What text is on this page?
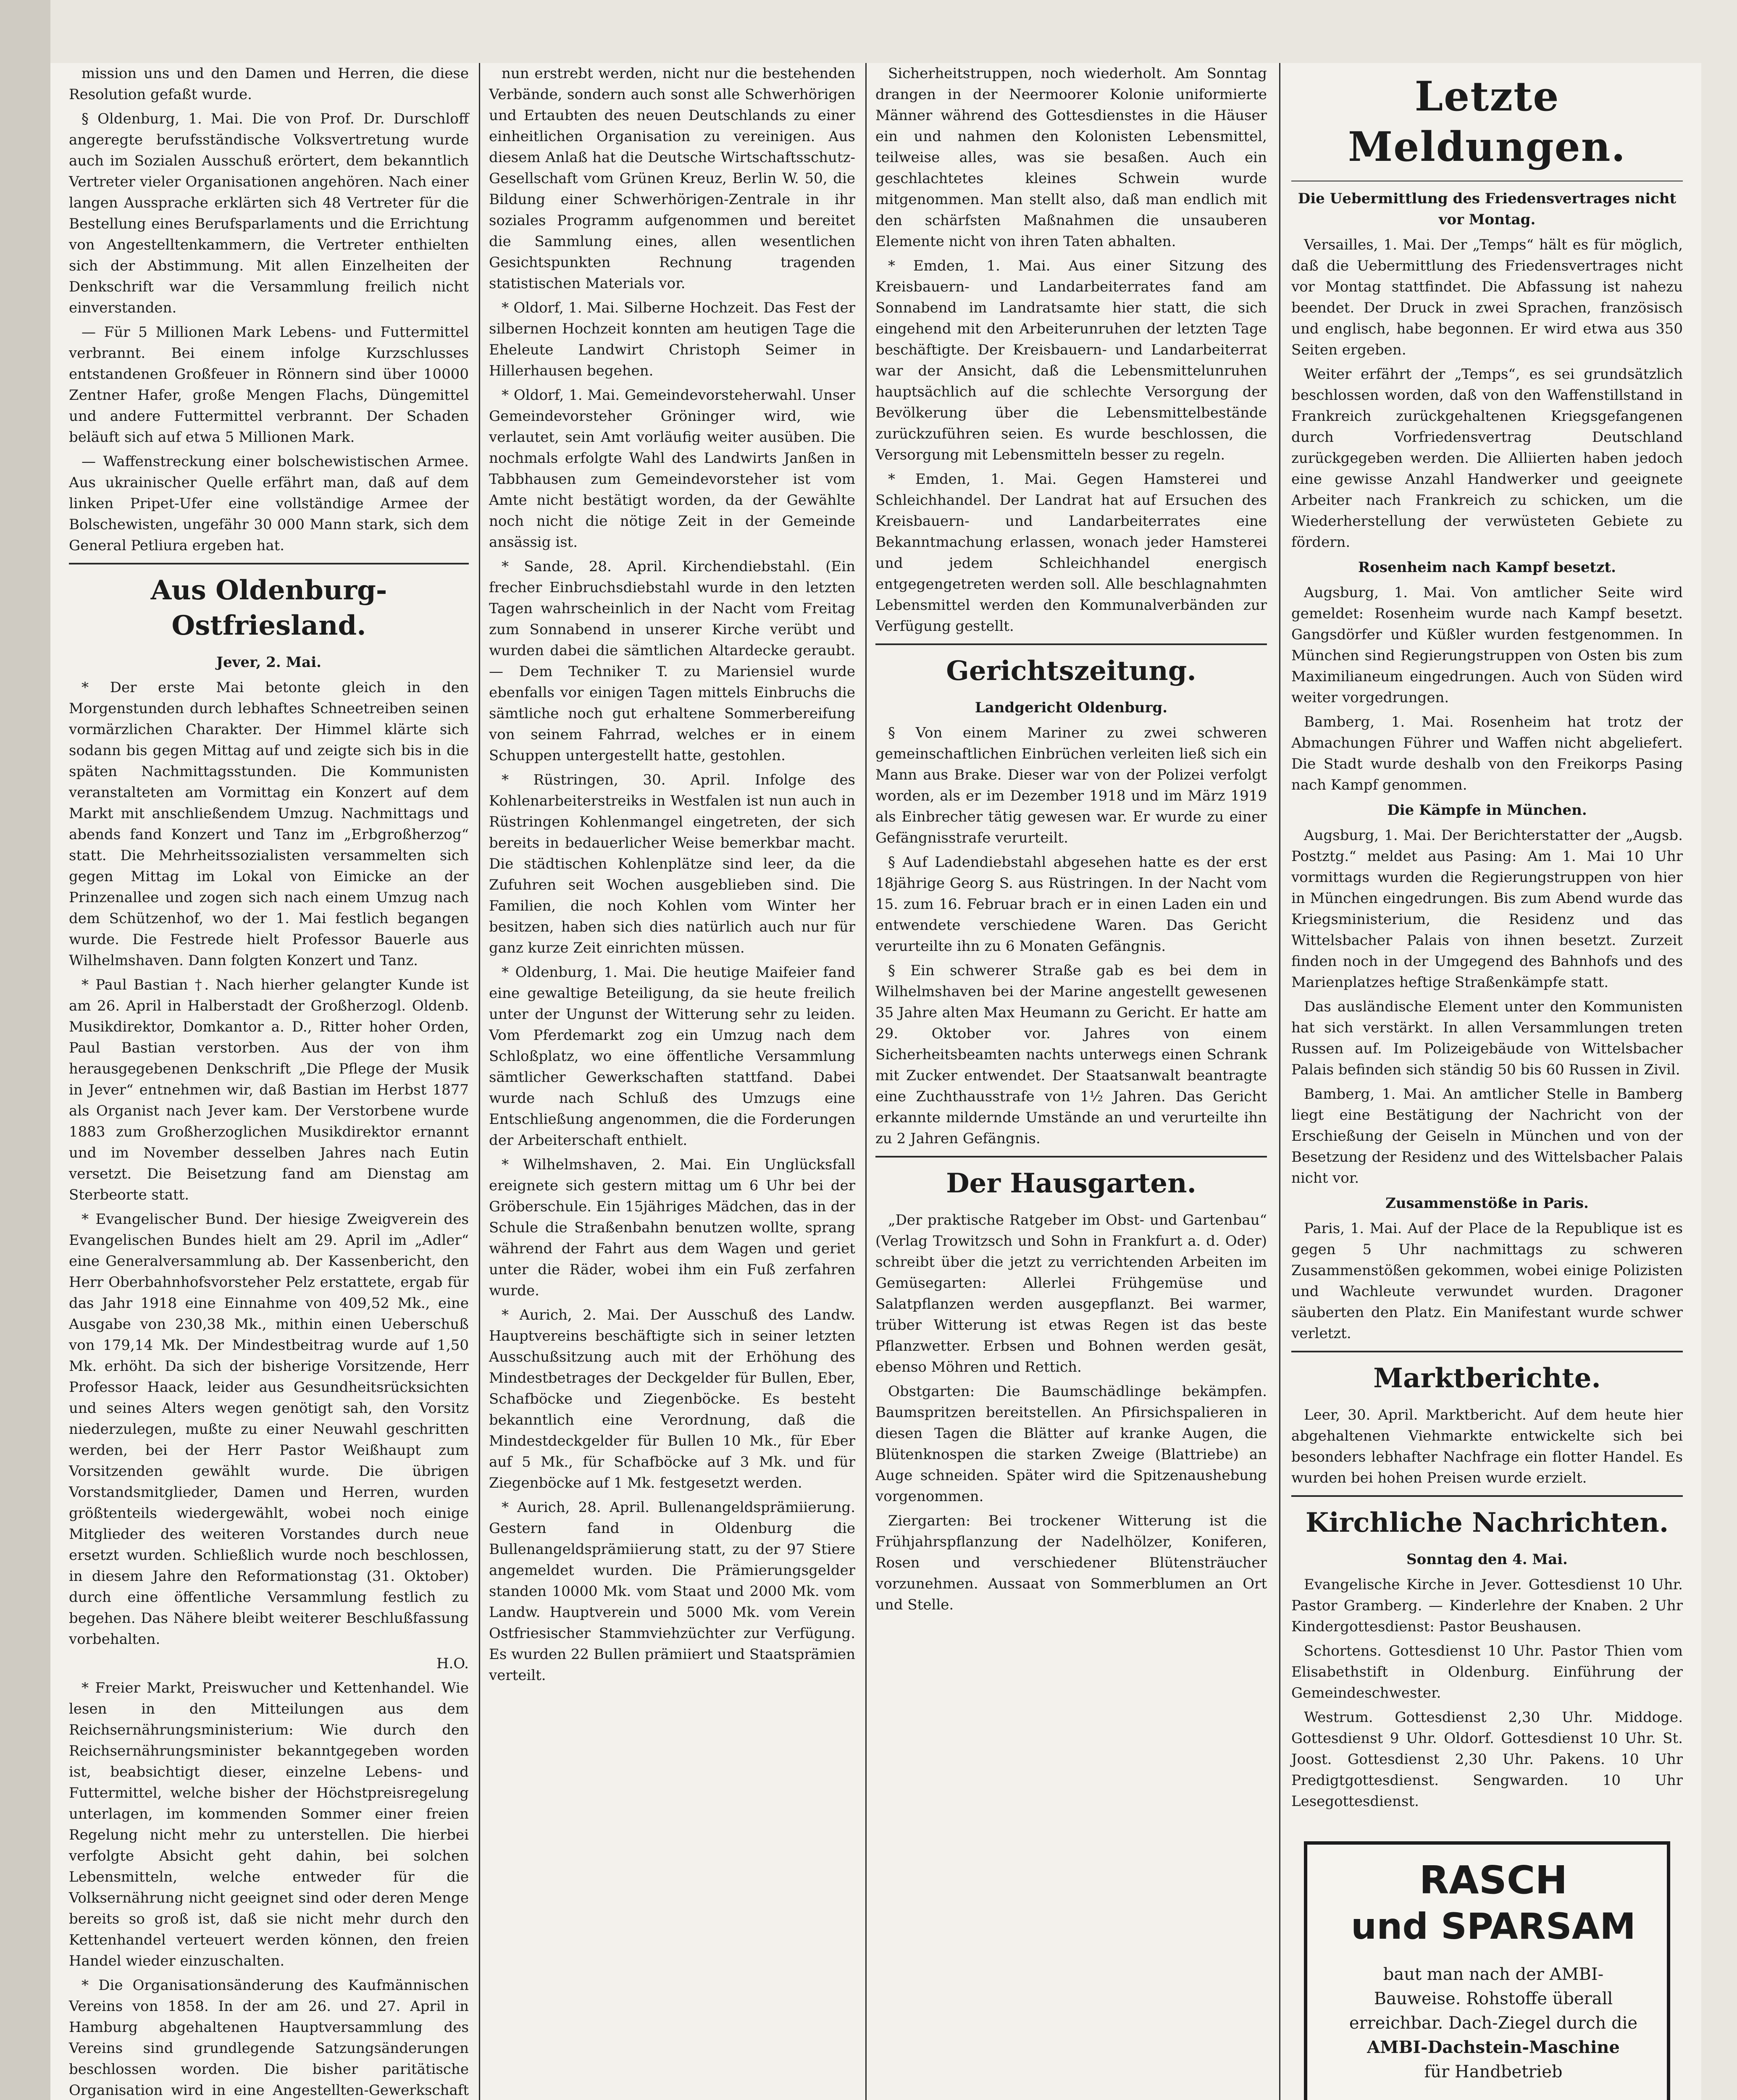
mission uns und den Damen und Herren, die diese Resolution gefaßt wurde.

§ Oldenburg, 1. Mai. Die von Prof. Dr. Durschloff angeregte berufsständische Volksvertretung wurde auch im Sozialen Ausschuß erörtert, dem bekanntlich Vertreter vieler Organisationen angehören. Nach einer langen Aussprache erklärten sich 48 Vertreter für die Bestellung eines Berufsparlaments und die Errichtung von Angestelltenkammern, die Vertreter enthielten sich der Abstimmung. Mit allen Einzelheiten der Denkschrift war die Versammlung freilich nicht einverstanden.

— Für 5 Millionen Mark Lebens- und Futtermittel verbrannt. Bei einem infolge Kurzschlusses entstandenen Großfeuer in Rönnern sind über 10000 Zentner Hafer, große Mengen Flachs, Düngemittel und andere Futtermittel verbrannt. Der Schaden beläuft sich auf etwa 5 Millionen Mark.

— Waffenstreckung einer bolschewistischen Armee. Aus ukrainischer Quelle erfährt man, daß auf dem linken Pripet-Ufer eine vollständige Armee der Bolschewisten, ungefähr 30 000 Mann stark, sich dem General Petliura ergeben hat.

Aus Oldenburg-Ostfriesland.

Jever, 2. Mai.

* Der erste Mai betonte gleich in den Morgenstunden durch lebhaftes Schneetreiben seinen vormärzlichen Charakter. Der Himmel klärte sich sodann bis gegen Mittag auf und zeigte sich bis in die späten Nachmittagsstunden. Die Kommunisten veranstalteten am Vormittag ein Konzert auf dem Markt mit anschließendem Umzug. Nachmittags und abends fand Konzert und Tanz im „Erbgroßherzog“ statt. Die Mehrheitssozialisten versammelten sich gegen Mittag im Lokal von Eimicke an der Prinzenallee und zogen sich nach einem Umzug nach dem Schützenhof, wo der 1. Mai festlich begangen wurde. Die Festrede hielt Professor Bauerle aus Wilhelmshaven. Dann folgten Konzert und Tanz.

* Paul Bastian †. Nach hierher gelangter Kunde ist am 26. April in Halberstadt der Großherzogl. Oldenb. Musikdirektor, Domkantor a. D., Ritter hoher Orden, Paul Bastian verstorben. Aus der von ihm herausgegebenen Denkschrift „Die Pflege der Musik in Jever“ entnehmen wir, daß Bastian im Herbst 1877 als Organist nach Jever kam. Der Verstorbene wurde 1883 zum Großherzoglichen Musikdirektor ernannt und im November desselben Jahres nach Eutin versetzt. Die Beisetzung fand am Dienstag am Sterbeorte statt.

* Evangelischer Bund. Der hiesige Zweigverein des Evangelischen Bundes hielt am 29. April im „Adler“ eine Generalversammlung ab. Der Kassenbericht, den Herr Oberbahnhofsvorsteher Pelz erstattete, ergab für das Jahr 1918 eine Einnahme von 409,52 Mk., eine Ausgabe von 230,38 Mk., mithin einen Ueberschuß von 179,14 Mk. Der Mindestbeitrag wurde auf 1,50 Mk. erhöht. Da sich der bisherige Vorsitzende, Herr Professor Haack, leider aus Gesundheitsrücksichten und seines Alters wegen genötigt sah, den Vorsitz niederzulegen, mußte zu einer Neuwahl geschritten werden, bei der Herr Pastor Weißhaupt zum Vorsitzenden gewählt wurde. Die übrigen Vorstandsmitglieder, Damen und Herren, wurden größtenteils wiedergewählt, wobei noch einige Mitglieder des weiteren Vorstandes durch neue ersetzt wurden. Schließlich wurde noch beschlossen, in diesem Jahre den Reformationstag (31. Oktober) durch eine öffentliche Versammlung festlich zu begehen. Das Nähere bleibt weiterer Beschlußfassung vorbehalten.

H.O.

* Freier Markt, Preiswucher und Kettenhandel. Wie lesen in den Mitteilungen aus dem Reichsernährungsministerium: Wie durch den Reichsernährungsminister bekanntgegeben worden ist, beabsichtigt dieser, einzelne Lebens- und Futtermittel, welche bisher der Höchstpreisregelung unterlagen, im kommenden Sommer einer freien Regelung nicht mehr zu unterstellen. Die hierbei verfolgte Absicht geht dahin, bei solchen Lebensmitteln, welche entweder für die Volksernährung nicht geeignet sind oder deren Menge bereits so groß ist, daß sie nicht mehr durch den Kettenhandel verteuert werden können, den freien Handel wieder einzuschalten.

* Die Organisationsänderung des Kaufmännischen Vereins von 1858. In der am 26. und 27. April in Hamburg abgehaltenen Hauptversammlung des Vereins sind grundlegende Satzungsänderungen beschlossen worden. Die bisher paritätische Organisation wird in eine Angestellten-Gewerkschaft

nun erstrebt werden, nicht nur die bestehenden Verbände, sondern auch sonst alle Schwerhörigen und Ertaubten des neuen Deutschlands zu einer einheitlichen Organisation zu vereinigen. Aus diesem Anlaß hat die Deutsche Wirtschaftsschutz-Gesellschaft vom Grünen Kreuz, Berlin W. 50, die Bildung einer Schwerhörigen-Zentrale in ihr soziales Programm aufgenommen und bereitet die Sammlung eines, allen wesentlichen Gesichtspunkten Rechnung tragenden statistischen Materials vor.

* Oldorf, 1. Mai. Silberne Hochzeit. Das Fest der silbernen Hochzeit konnten am heutigen Tage die Eheleute Landwirt Christoph Seimer in Hillerhausen begehen.

* Oldorf, 1. Mai. Gemeindevorsteherwahl. Unser Gemeindevorsteher Gröninger wird, wie verlautet, sein Amt vorläufig weiter ausüben. Die nochmals erfolgte Wahl des Landwirts Janßen in Tabbhausen zum Gemeindevorsteher ist vom Amte nicht bestätigt worden, da der Gewählte noch nicht die nötige Zeit in der Gemeinde ansässig ist.

* Sande, 28. April. Kirchendiebstahl. (Ein frecher Einbruchsdiebstahl wurde in den letzten Tagen wahrscheinlich in der Nacht vom Freitag zum Sonnabend in unserer Kirche verübt und wurden dabei die sämtlichen Altardecke geraubt. — Dem Techniker T. zu Mariensiel wurde ebenfalls vor einigen Tagen mittels Einbruchs die sämtliche noch gut erhaltene Sommerbereifung von seinem Fahrrad, welches er in einem Schuppen untergestellt hatte, gestohlen.

* Rüstringen, 30. April. Infolge des Kohlenarbeiterstreiks in Westfalen ist nun auch in Rüstringen Kohlenmangel eingetreten, der sich bereits in bedauerlicher Weise bemerkbar macht. Die städtischen Kohlenplätze sind leer, da die Zufuhren seit Wochen ausgeblieben sind. Die Familien, die noch Kohlen vom Winter her besitzen, haben sich dies natürlich auch nur für ganz kurze Zeit einrichten müssen.

* Oldenburg, 1. Mai. Die heutige Maifeier fand eine gewaltige Beteiligung, da sie heute freilich unter der Ungunst der Witterung sehr zu leiden. Vom Pferdemarkt zog ein Umzug nach dem Schloßplatz, wo eine öffentliche Versammlung sämtlicher Gewerkschaften stattfand. Dabei wurde nach Schluß des Umzugs eine Entschließung angenommen, die die Forderungen der Arbeiterschaft enthielt.

* Wilhelmshaven, 2. Mai. Ein Unglücksfall ereignete sich gestern mittag um 6 Uhr bei der Gröberschule. Ein 15jähriges Mädchen, das in der Schule die Straßenbahn benutzen wollte, sprang während der Fahrt aus dem Wagen und geriet unter die Räder, wobei ihm ein Fuß zerfahren wurde.

* Aurich, 2. Mai. Der Ausschuß des Landw. Hauptvereins beschäftigte sich in seiner letzten Ausschußsitzung auch mit der Erhöhung des Mindestbetrages der Deckgelder für Bullen, Eber, Schafböcke und Ziegenböcke. Es besteht bekanntlich eine Verordnung, daß die Mindestdeckgelder für Bullen 10 Mk., für Eber auf 5 Mk., für Schafböcke auf 3 Mk. und für Ziegenböcke auf 1 Mk. festgesetzt werden.

* Aurich, 28. April. Bullenangeldsprämiierung. Gestern fand in Oldenburg die Bullenangeldsprämiierung statt, zu der 97 Stiere angemeldet wurden. Die Prämierungsgelder standen 10000 Mk. vom Staat und 2000 Mk. vom Landw. Hauptverein und 5000 Mk. vom Verein Ostfriesischer Stammviehzüchter zur Verfügung. Es wurden 22 Bullen prämiiert und Staatsprämien verteilt.

Sicherheitstruppen, noch wiederholt. Am Sonntag drangen in der Neermoorer Kolonie uniformierte Männer während des Gottesdienstes in die Häuser ein und nahmen den Kolonisten Lebensmittel, teilweise alles, was sie besaßen. Auch ein geschlachtetes kleines Schwein wurde mitgenommen. Man stellt also, daß man endlich mit den schärfsten Maßnahmen die unsauberen Elemente nicht von ihren Taten abhalten.

* Emden, 1. Mai. Aus einer Sitzung des Kreisbauern- und Landarbeiterrates fand am Sonnabend im Landratsamte hier statt, die sich eingehend mit den Arbeiterunruhen der letzten Tage beschäftigte. Der Kreisbauern- und Landarbeiterrat war der Ansicht, daß die Lebensmittelunruhen hauptsächlich auf die schlechte Versorgung der Bevölkerung über die Lebensmittelbestände zurückzuführen seien. Es wurde beschlossen, die Versorgung mit Lebensmitteln besser zu regeln.

* Emden, 1. Mai. Gegen Hamsterei und Schleichhandel. Der Landrat hat auf Ersuchen des Kreisbauern- und Landarbeiterrates eine Bekanntmachung erlassen, wonach jeder Hamsterei und jedem Schleichhandel energisch entgegengetreten werden soll. Alle beschlagnahmten Lebensmittel werden den Kommunalverbänden zur Verfügung gestellt.

Gerichtszeitung.

Landgericht Oldenburg.

§ Von einem Mariner zu zwei schweren gemeinschaftlichen Einbrüchen verleiten ließ sich ein Mann aus Brake. Dieser war von der Polizei verfolgt worden, als er im Dezember 1918 und im März 1919 als Einbrecher tätig gewesen war. Er wurde zu einer Gefängnisstrafe verurteilt.

§ Auf Ladendiebstahl abgesehen hatte es der erst 18jährige Georg S. aus Rüstringen. In der Nacht vom 15. zum 16. Februar brach er in einen Laden ein und entwendete verschiedene Waren. Das Gericht verurteilte ihn zu 6 Monaten Gefängnis.

§ Ein schwerer Straße gab es bei dem in Wilhelmshaven bei der Marine angestellt gewesenen 35 Jahre alten Max Heumann zu Gericht. Er hatte am 29. Oktober vor. Jahres von einem Sicherheitsbeamten nachts unterwegs einen Schrank mit Zucker entwendet. Der Staatsanwalt beantragte eine Zuchthausstrafe von 1½ Jahren. Das Gericht erkannte mildernde Umstände an und verurteilte ihn zu 2 Jahren Gefängnis.

Der Hausgarten.

„Der praktische Ratgeber im Obst- und Gartenbau“ (Verlag Trowitzsch und Sohn in Frankfurt a. d. Oder) schreibt über die jetzt zu verrichtenden Arbeiten im Gemüsegarten: Allerlei Frühgemüse und Salatpflanzen werden ausgepflanzt. Bei warmer, trüber Witterung ist etwas Regen ist das beste Pflanzwetter. Erbsen und Bohnen werden gesät, ebenso Möhren und Rettich.

Obstgarten: Die Baumschädlinge bekämpfen. Baumspritzen bereitstellen. An Pfirsichspalieren in diesen Tagen die Blätter auf kranke Augen, die Blütenknospen die starken Zweige (Blattriebe) an Auge schneiden. Später wird die Spitzenaushebung vorgenommen.

Ziergarten: Bei trockener Witterung ist die Frühjahrspflanzung der Nadelhölzer, Koniferen, Rosen und verschiedener Blütensträucher vorzunehmen. Aussaat von Sommerblumen an Ort und Stelle.

Letzte Meldungen.

Die Uebermittlung des Friedensvertrages nicht vor Montag.

Versailles, 1. Mai. Der „Temps“ hält es für möglich, daß die Uebermittlung des Friedensvertrages nicht vor Montag stattfindet. Die Abfassung ist nahezu beendet. Der Druck in zwei Sprachen, französisch und englisch, habe begonnen. Er wird etwa aus 350 Seiten ergeben.

Weiter erfährt der „Temps“, es sei grundsätzlich beschlossen worden, daß von den Waffenstillstand in Frankreich zurückgehaltenen Kriegsgefangenen durch Vorfriedensvertrag Deutschland zurückgegeben werden. Die Alliierten haben jedoch eine gewisse Anzahl Handwerker und geeignete Arbeiter nach Frankreich zu schicken, um die Wiederherstellung der verwüsteten Gebiete zu fördern.

Rosenheim nach Kampf besetzt.

Augsburg, 1. Mai. Von amtlicher Seite wird gemeldet: Rosenheim wurde nach Kampf besetzt. Gangsdörfer und Küßler wurden festgenommen. In München sind Regierungstruppen von Osten bis zum Maximilianeum eingedrungen. Auch von Süden wird weiter vorgedrungen.

Bamberg, 1. Mai. Rosenheim hat trotz der Abmachungen Führer und Waffen nicht abgeliefert. Die Stadt wurde deshalb von den Freikorps Pasing nach Kampf genommen.

Die Kämpfe in München.

Augsburg, 1. Mai. Der Berichterstatter der „Augsb. Postztg.“ meldet aus Pasing: Am 1. Mai 10 Uhr vormittags wurden die Regierungstruppen von hier in München eingedrungen. Bis zum Abend wurde das Kriegsministerium, die Residenz und das Wittelsbacher Palais von ihnen besetzt. Zurzeit finden noch in der Umgegend des Bahnhofs und des Marienplatzes heftige Straßenkämpfe statt.

Das ausländische Element unter den Kommunisten hat sich verstärkt. In allen Versammlungen treten Russen auf. Im Polizeigebäude von Wittelsbacher Palais befinden sich ständig 50 bis 60 Russen in Zivil.

Bamberg, 1. Mai. An amtlicher Stelle in Bamberg liegt eine Bestätigung der Nachricht von der Erschießung der Geiseln in München und von der Besetzung der Residenz und des Wittelsbacher Palais nicht vor.

Zusammenstöße in Paris.

Paris, 1. Mai. Auf der Place de la Republique ist es gegen 5 Uhr nachmittags zu schweren Zusammenstößen gekommen, wobei einige Polizisten und Wachleute verwundet wurden. Dragoner säuberten den Platz. Ein Manifestant wurde schwer verletzt.

Marktberichte.

Leer, 30. April. Marktbericht. Auf dem heute hier abgehaltenen Viehmarkte entwickelte sich bei besonders lebhafter Nachfrage ein flotter Handel. Es wurden bei hohen Preisen wurde erzielt.

Kirchliche Nachrichten.

Sonntag den 4. Mai.

Evangelische Kirche in Jever. Gottesdienst 10 Uhr. Pastor Gramberg. — Kinderlehre der Knaben. 2 Uhr Kindergottesdienst: Pastor Beushausen.

Schortens. Gottesdienst 10 Uhr. Pastor Thien vom Elisabethstift in Oldenburg. Einführung der Gemeindeschwester.

Westrum. Gottesdienst 2,30 Uhr. Middoge. Gottesdienst 9 Uhr. Oldorf. Gottesdienst 10 Uhr. St. Joost. Gottesdienst 2,30 Uhr. Pakens. 10 Uhr Predigtgottesdienst. Sengwarden. 10 Uhr Lesegottesdienst.

RASCH

und SPARSAM

baut man nach der AMBI-

Bauweise. Rohstoffe überall

erreichbar. Dach-Ziegel durch die

AMBI-Dachstein-Maschine

für Handbetrieb
